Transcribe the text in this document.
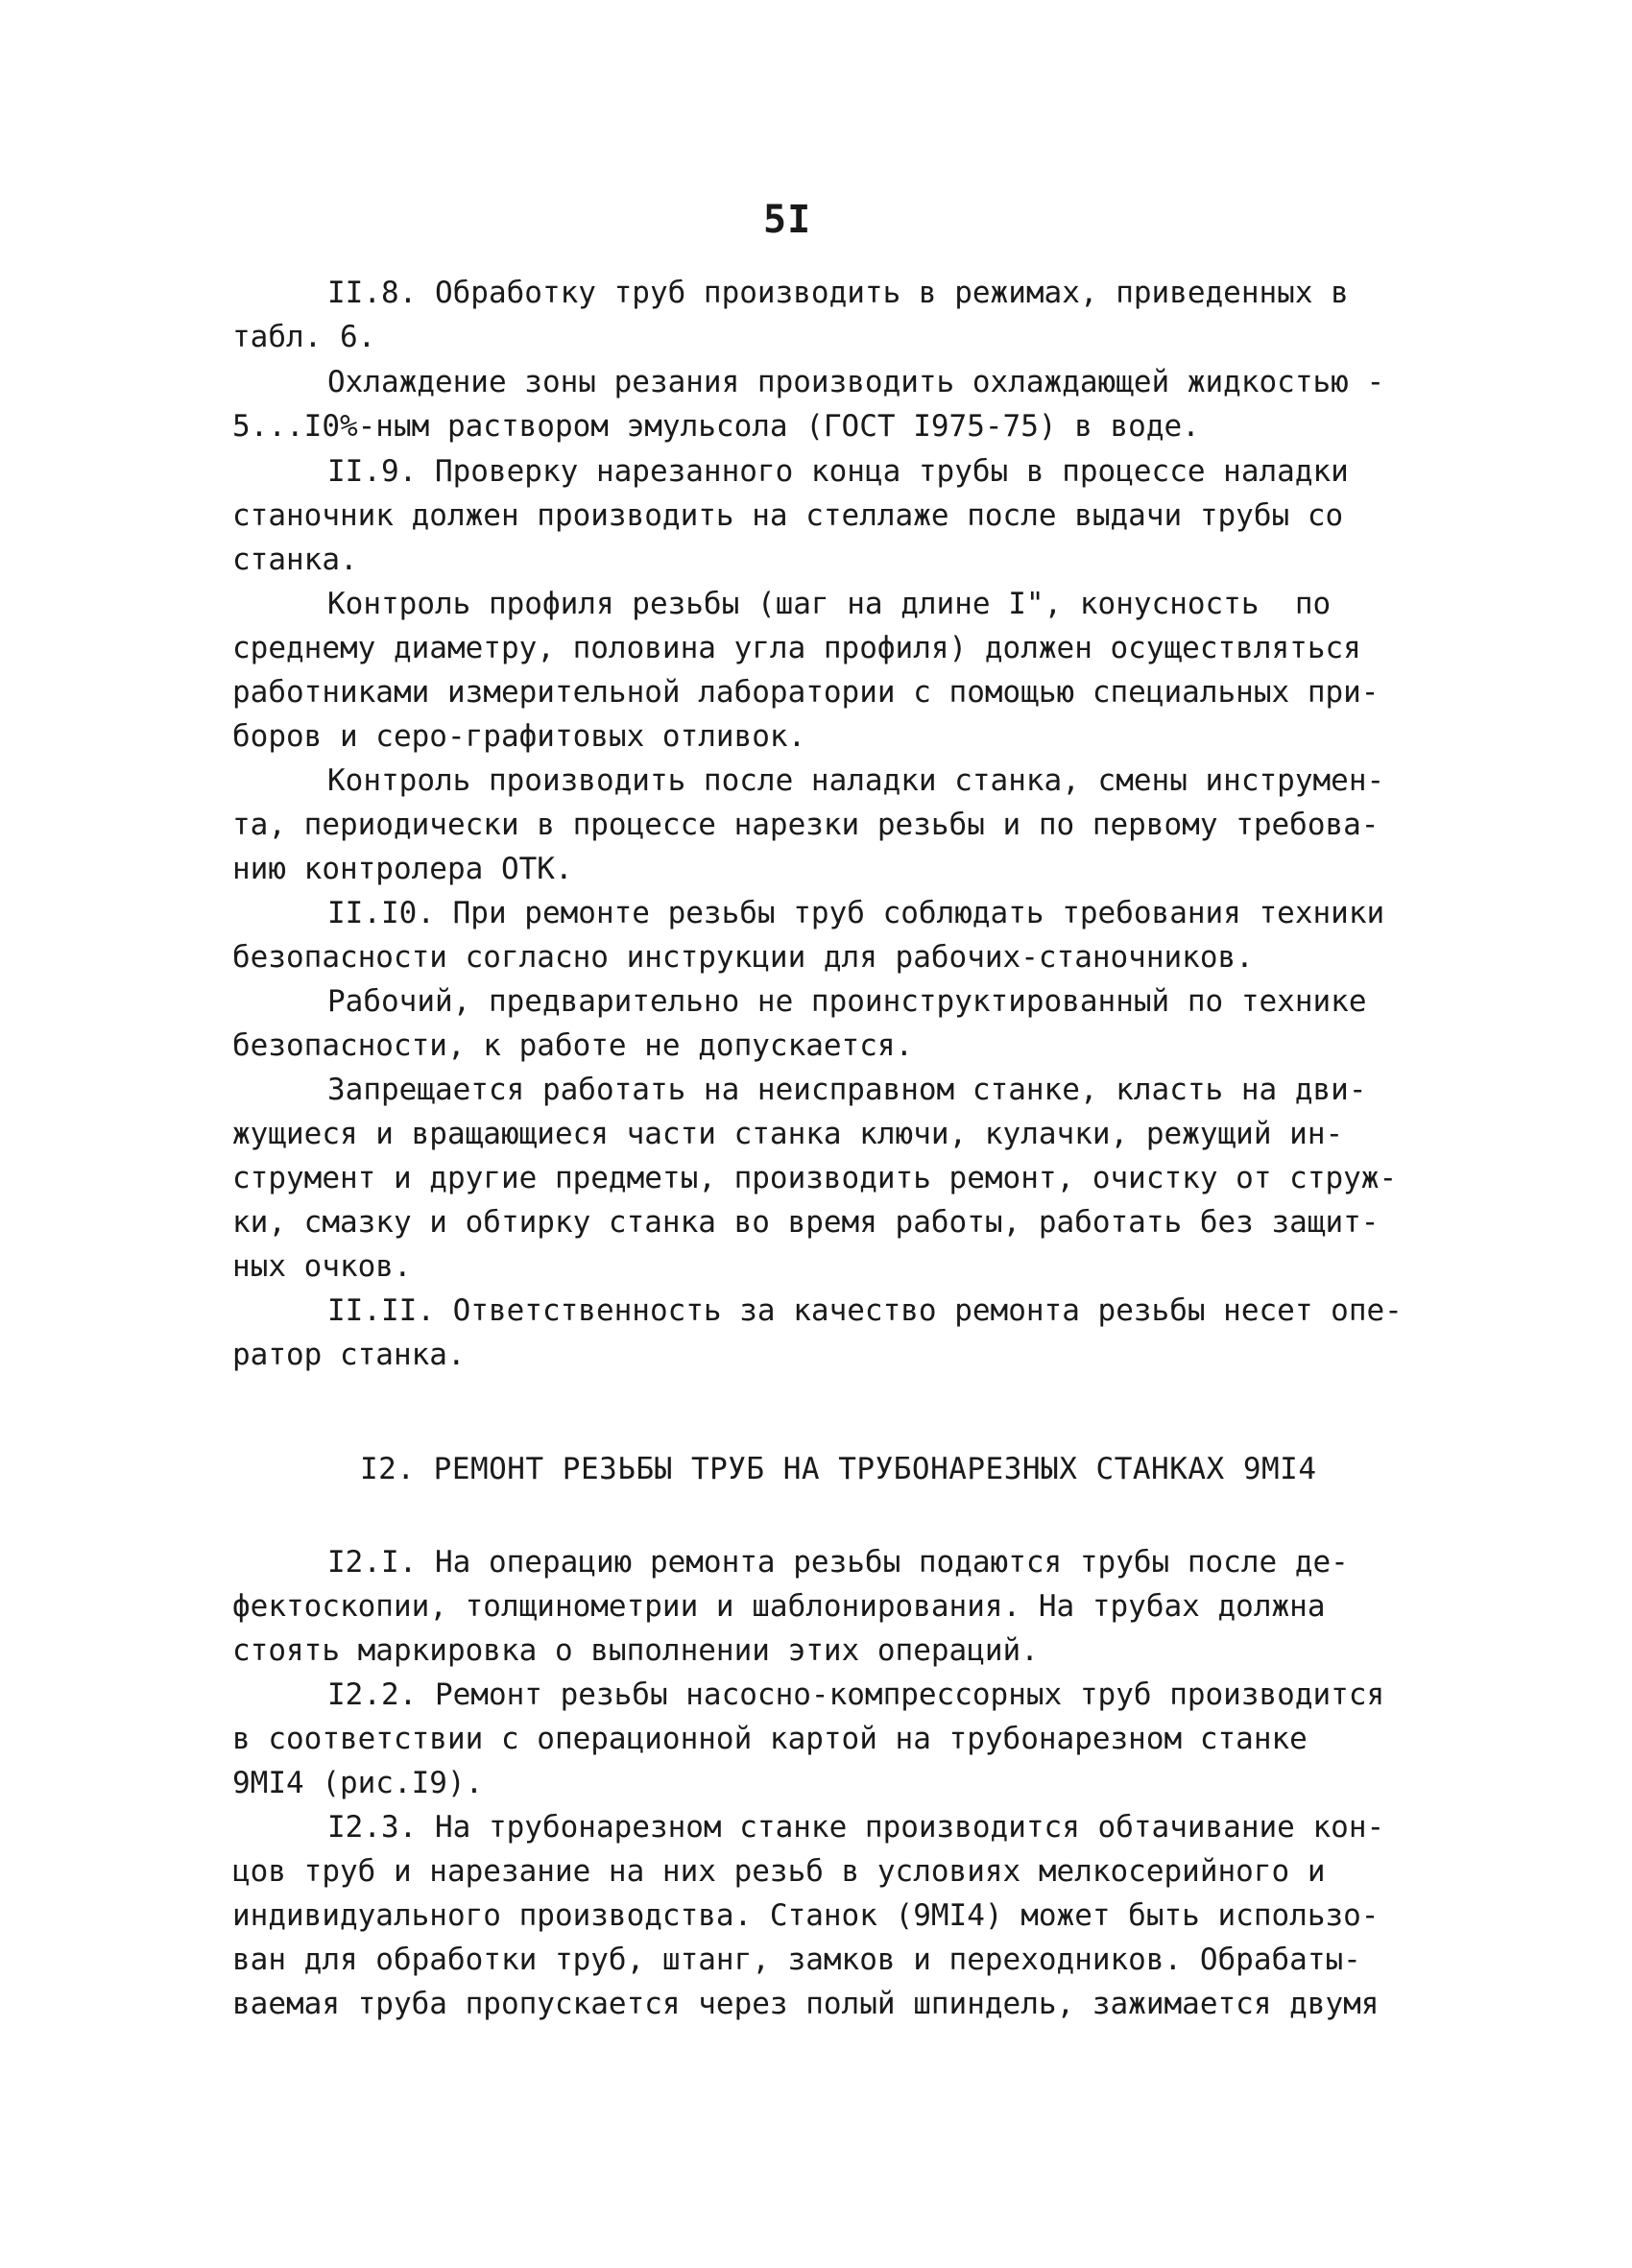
5I
II.8. Обработку труб производить в режимах, приведенных в
табл. 6.
Охлаждение зоны резания производить охлаждающей жидкостью -
5...I0%-ным раствором эмульсола (ГОСТ I975-75) в воде.
II.9. Проверку нарезанного конца трубы в процессе наладки
станочник должен производить на стеллаже после выдачи трубы со
станка.
Контроль профиля резьбы (шаг на длине I", конусность  по
среднему диаметру, половина угла профиля) должен осуществляться
работниками измерительной лаборатории с помощью специальных при-
боров и серо-графитовых отливок.
Контроль производить после наладки станка, смены инструмен-
та, периодически в процессе нарезки резьбы и по первому требова-
нию контролера ОТК.
II.I0. При ремонте резьбы труб соблюдать требования техники
безопасности согласно инструкции для рабочих-станочников.
Рабочий, предварительно не проинструктированный по технике
безопасности, к работе не допускается.
Запрещается работать на неисправном станке, класть на дви-
жущиеся и вращающиеся части станка ключи, кулачки, режущий ин-
струмент и другие предметы, производить ремонт, очистку от струж-
ки, смазку и обтирку станка во время работы, работать без защит-
ных очков.
II.II. Ответственность за качество ремонта резьбы несет опе-
ратор станка.
I2. РЕМОНТ РЕЗЬБЫ ТРУБ НА ТРУБОНАРЕЗНЫХ СТАНКАХ 9МI4
I2.I. На операцию ремонта резьбы подаются трубы после де-
фектоскопии, толщинометрии и шаблонирования. На трубах должна
стоять маркировка о выполнении этих операций.
I2.2. Ремонт резьбы насосно-компрессорных труб производится
в соответствии с операционной картой на трубонарезном станке
9МI4 (рис.I9).
I2.3. На трубонарезном станке производится обтачивание кон-
цов труб и нарезание на них резьб в условиях мелкосерийного и
индивидуального производства. Станок (9МI4) может быть использо-
ван для обработки труб, штанг, замков и переходников. Обрабаты-
ваемая труба пропускается через полый шпиндель, зажимается двумя
